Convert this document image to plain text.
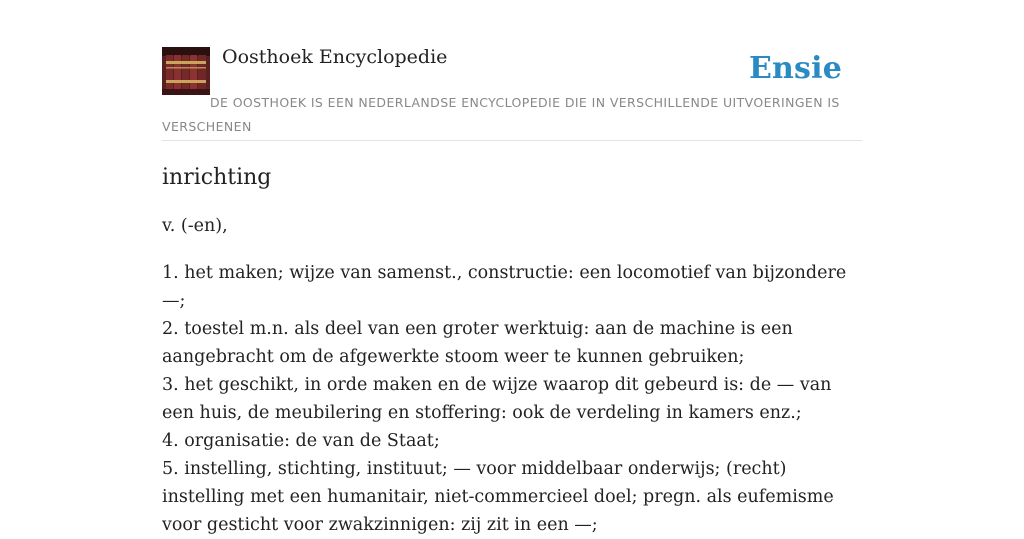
Oosthoek Encyclopedie	Ensie
DE OOSTHOEK IS EEN NEDERLANDSE ENCYCLOPEDIE DIE IN VERSCHILLENDE UITVOERINGEN IS VERSCHENEN
inrichting
v. (-en),
1. het maken; wijze van samenst., constructie: een locomotief van bijzondere —;
2. toestel m.n. als deel van een groter werktuig: aan de machine is een aangebracht om de afgewerkte stoom weer te kunnen gebruiken;
3. het geschikt, in orde maken en de wijze waarop dit gebeurd is: de — van een huis, de meubilering en stoffering: ook de verdeling in kamers enz.;
4. organisatie: de van de Staat;
5. instelling, stichting, instituut; — voor middelbaar onderwijs; (recht) instelling met een humanitair, niet-commercieel doel; pregn. als eufemisme voor gesticht voor zwakzinnigen: zij zit in een —;
